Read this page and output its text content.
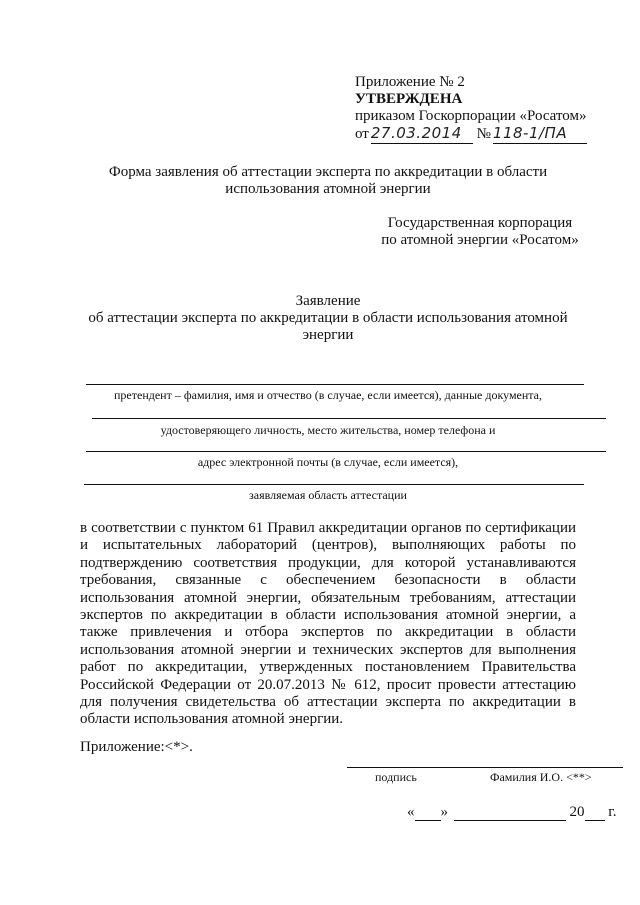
Приложение № 2
УТВЕРЖДЕНА
приказом Госкорпорации «Росатом»
от 27.03.2014 № 118-1/ПА
Форма заявления об аттестации эксперта по аккредитации в области
использования атомной энергии
Государственная корпорация
по атомной энергии «Росатом»
Заявление
об аттестации эксперта по аккредитации в области использования атомной
энергии
претендент – фамилия, имя и отчество (в случае, если имеется), данные документа,
удостоверяющего личность, место жительства, номер телефона и
адрес электронной почты (в случае, если имеется),
заявляемая область аттестации
в соответствии с пунктом 61 Правил аккредитации органов по сертификации и испытательных лабораторий (центров), выполняющих работы по подтверждению соответствия продукции, для которой устанавливаются требования, связанные с обеспечением безопасности в области использования атомной энергии, обязательным требованиям, аттестации экспертов по аккредитации в области использования атомной энергии, а также привлечения и отбора экспертов по аккредитации в области использования атомной энергии и технических экспертов для выполнения работ по аккредитации, утвержденных постановлением Правительства Российской Федерации от 20.07.2013 № 612, просит провести аттестацию для получения свидетельства об аттестации эксперта по аккредитации в области использования атомной энергии.
Приложение:<*>.
подпись	Фамилия И.О. <**>
« »	20 г.
